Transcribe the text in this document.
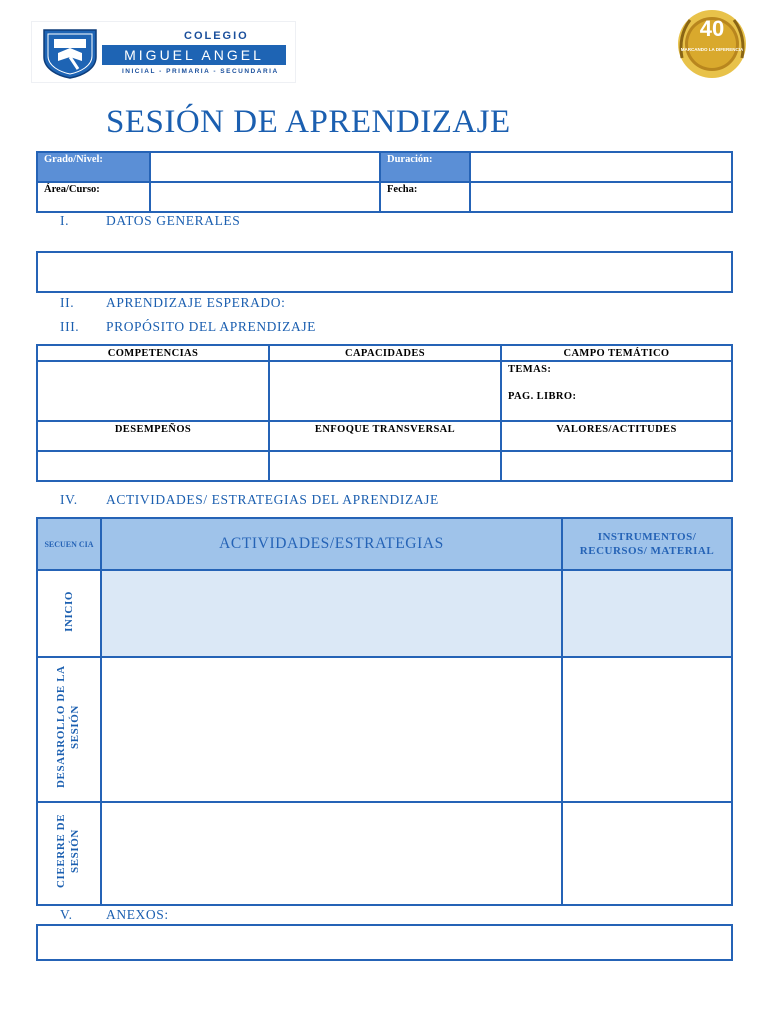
COLEGIO
MIGUEL ANGEL
INICIAL - PRIMARIA - SECUNDARIA
40
MARCANDO LA DIFERENCIA
SESIÓN DE APRENDIZAJE
Grado/Nivel:		Duración:	
Área/Curso:		Fecha:	
I.	DATOS GENERALES
II. APRENDIZAJE ESPERADO:
III. PROPÓSITO DEL APRENDIZAJE
COMPETENCIAS	CAPACIDADES	CAMPO TEMÁTICO

		TEMAS:
PAG. LIBRO:

DESEMPEÑOS	ENFOQUE TRANSVERSAL	VALORES/ACTITUDES

IV. ACTIVIDADES/ ESTRATEGIAS DEL APRENDIZAJE
SECUEN CIA	ACTIVIDADES/ESTRATEGIAS	INSTRUMENTOS/ RECURSOS/ MATERIAL
INICIO		
DESARROLLO DE LA SESIÓN		
CIEERRE DE SESIÓN		
V. ANEXOS:
